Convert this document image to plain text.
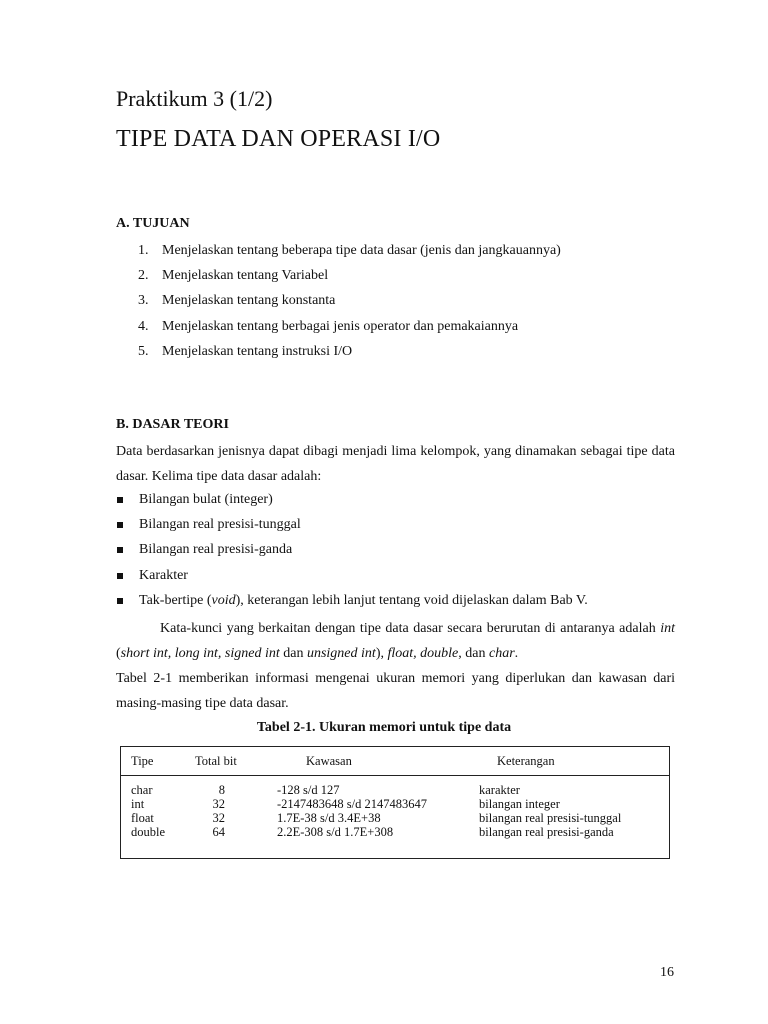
Praktikum 3 (1/2)
TIPE DATA DAN OPERASI I/O
A. TUJUAN
1. Menjelaskan tentang beberapa tipe data dasar (jenis dan jangkauannya)
2. Menjelaskan tentang Variabel
3. Menjelaskan tentang konstanta
4. Menjelaskan tentang berbagai jenis operator dan pemakaiannya
5. Menjelaskan tentang instruksi I/O
B. DASAR TEORI
Data berdasarkan jenisnya dapat dibagi menjadi lima kelompok, yang dinamakan sebagai tipe data dasar. Kelima tipe data dasar adalah:
Bilangan bulat (integer)
Bilangan real presisi-tunggal
Bilangan real presisi-ganda
Karakter
Tak-bertipe (void), keterangan lebih lanjut tentang void dijelaskan dalam Bab V.
Kata-kunci yang berkaitan dengan tipe data dasar secara berurutan di antaranya adalah int (short int, long int, signed int dan unsigned int), float, double, dan char.
Tabel 2-1 memberikan informasi mengenai ukuran memori yang diperlukan dan kawasan dari masing-masing tipe data dasar.
Tabel 2-1. Ukuran memori untuk tipe data
Tipe	Total bit	Kawasan	Keterangan
char	8	-128 s/d 127	karakter
int	32	-2147483648 s/d 2147483647	bilangan integer
float	32	1.7E-38 s/d 3.4E+38	bilangan real presisi-tunggal
double	64	2.2E-308 s/d 1.7E+308	bilangan real presisi-ganda
16
